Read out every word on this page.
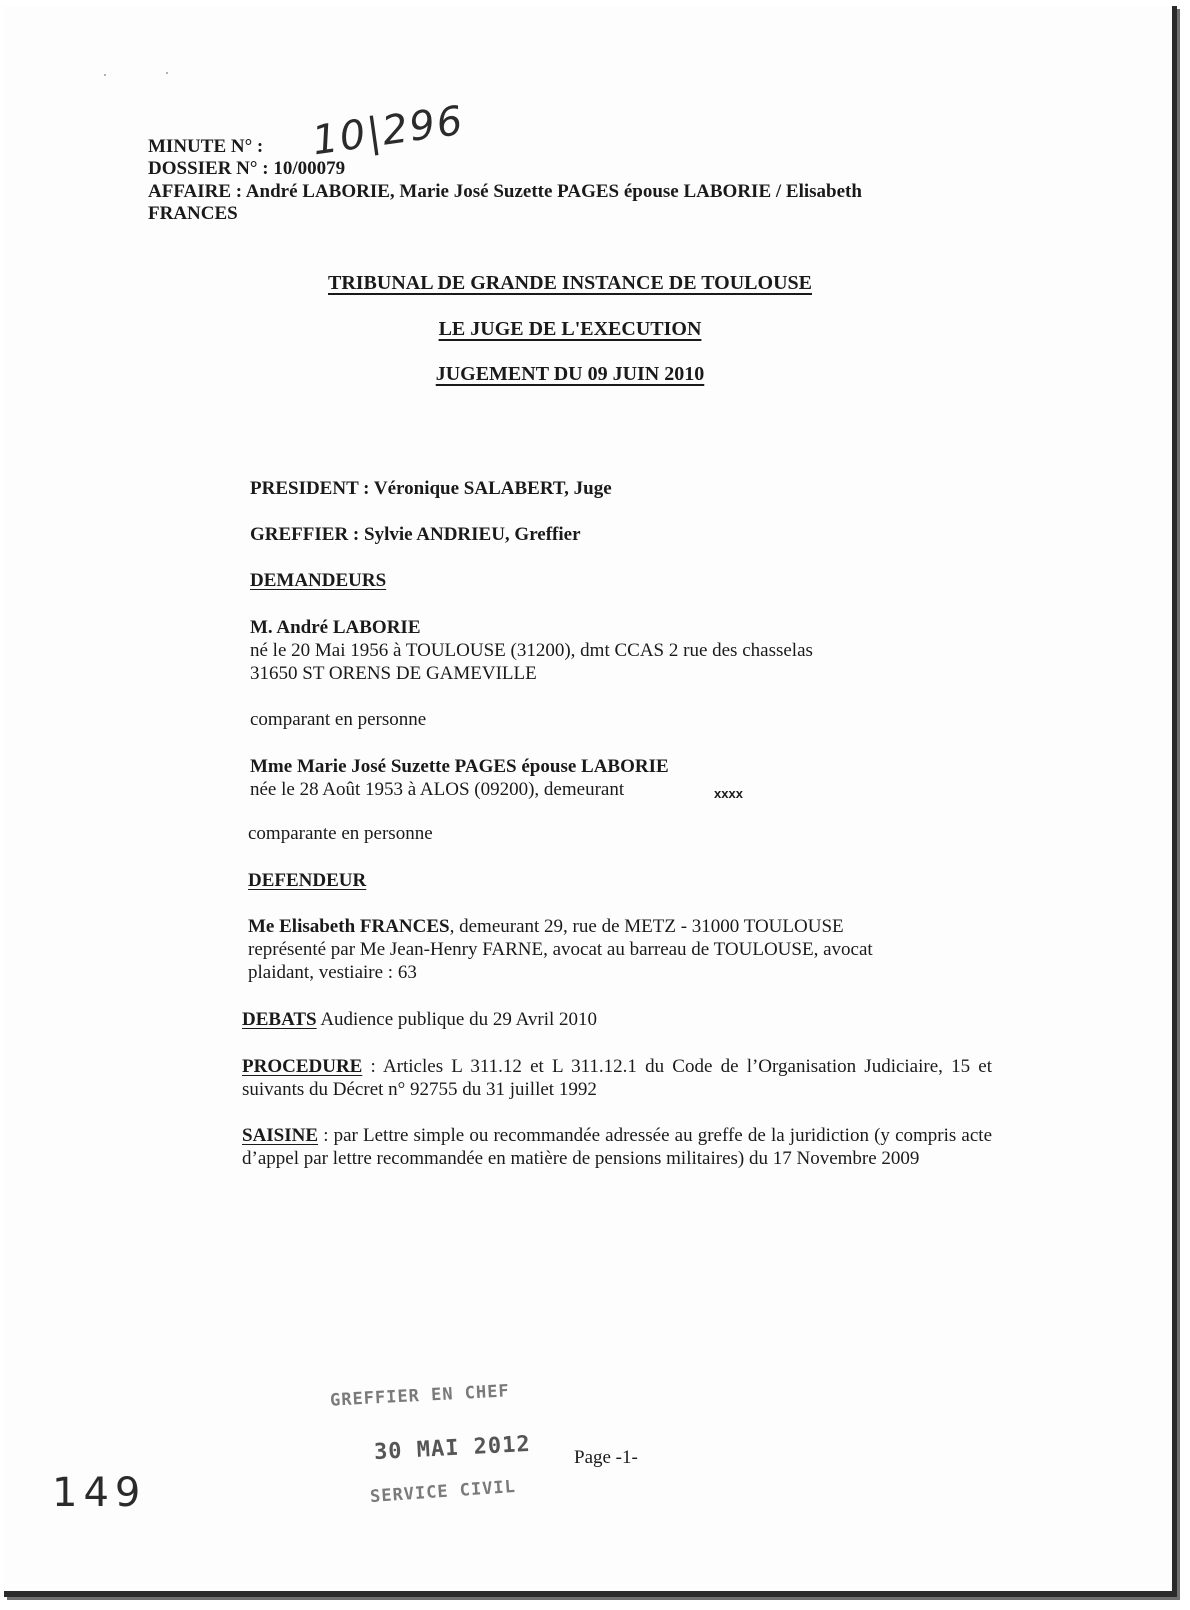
MINUTE N° : 10|296
DOSSIER N° : 10/00079
AFFAIRE : André LABORIE, Marie José Suzette PAGES épouse LABORIE / Elisabeth
FRANCES
TRIBUNAL DE GRANDE INSTANCE DE TOULOUSE
LE JUGE DE L'EXECUTION
JUGEMENT DU 09 JUIN 2010
PRESIDENT : Véronique SALABERT, Juge
GREFFIER : Sylvie ANDRIEU, Greffier
DEMANDEURS
M. André LABORIE
né le 20 Mai 1956 à TOULOUSE (31200), dmt CCAS 2 rue des chasselas
31650 ST ORENS DE GAMEVILLE
comparant en personne
Mme Marie José Suzette PAGES épouse LABORIE
née le 28 Août 1953 à ALOS (09200), demeurant	xxxx
comparante en personne
DEFENDEUR
Me Elisabeth FRANCES, demeurant 29, rue de METZ - 31000 TOULOUSE
représenté par Me Jean-Henry FARNE, avocat au barreau de TOULOUSE, avocat
plaidant, vestiaire : 63
DEBATS Audience publique du 29 Avril 2010
PROCEDURE : Articles L 311.12 et L 311.12.1 du Code de l’Organisation Judiciaire, 15 et suivants du Décret n° 92755 du 31 juillet 1992
SAISINE : par Lettre simple ou recommandée adressée au greffe de la juridiction (y compris acte d’appel par lettre recommandée en matière de pensions militaires) du 17 Novembre 2009
GREFFIER EN CHEF
30 MAI 2012
SERVICE CIVIL
Page -1-
149
